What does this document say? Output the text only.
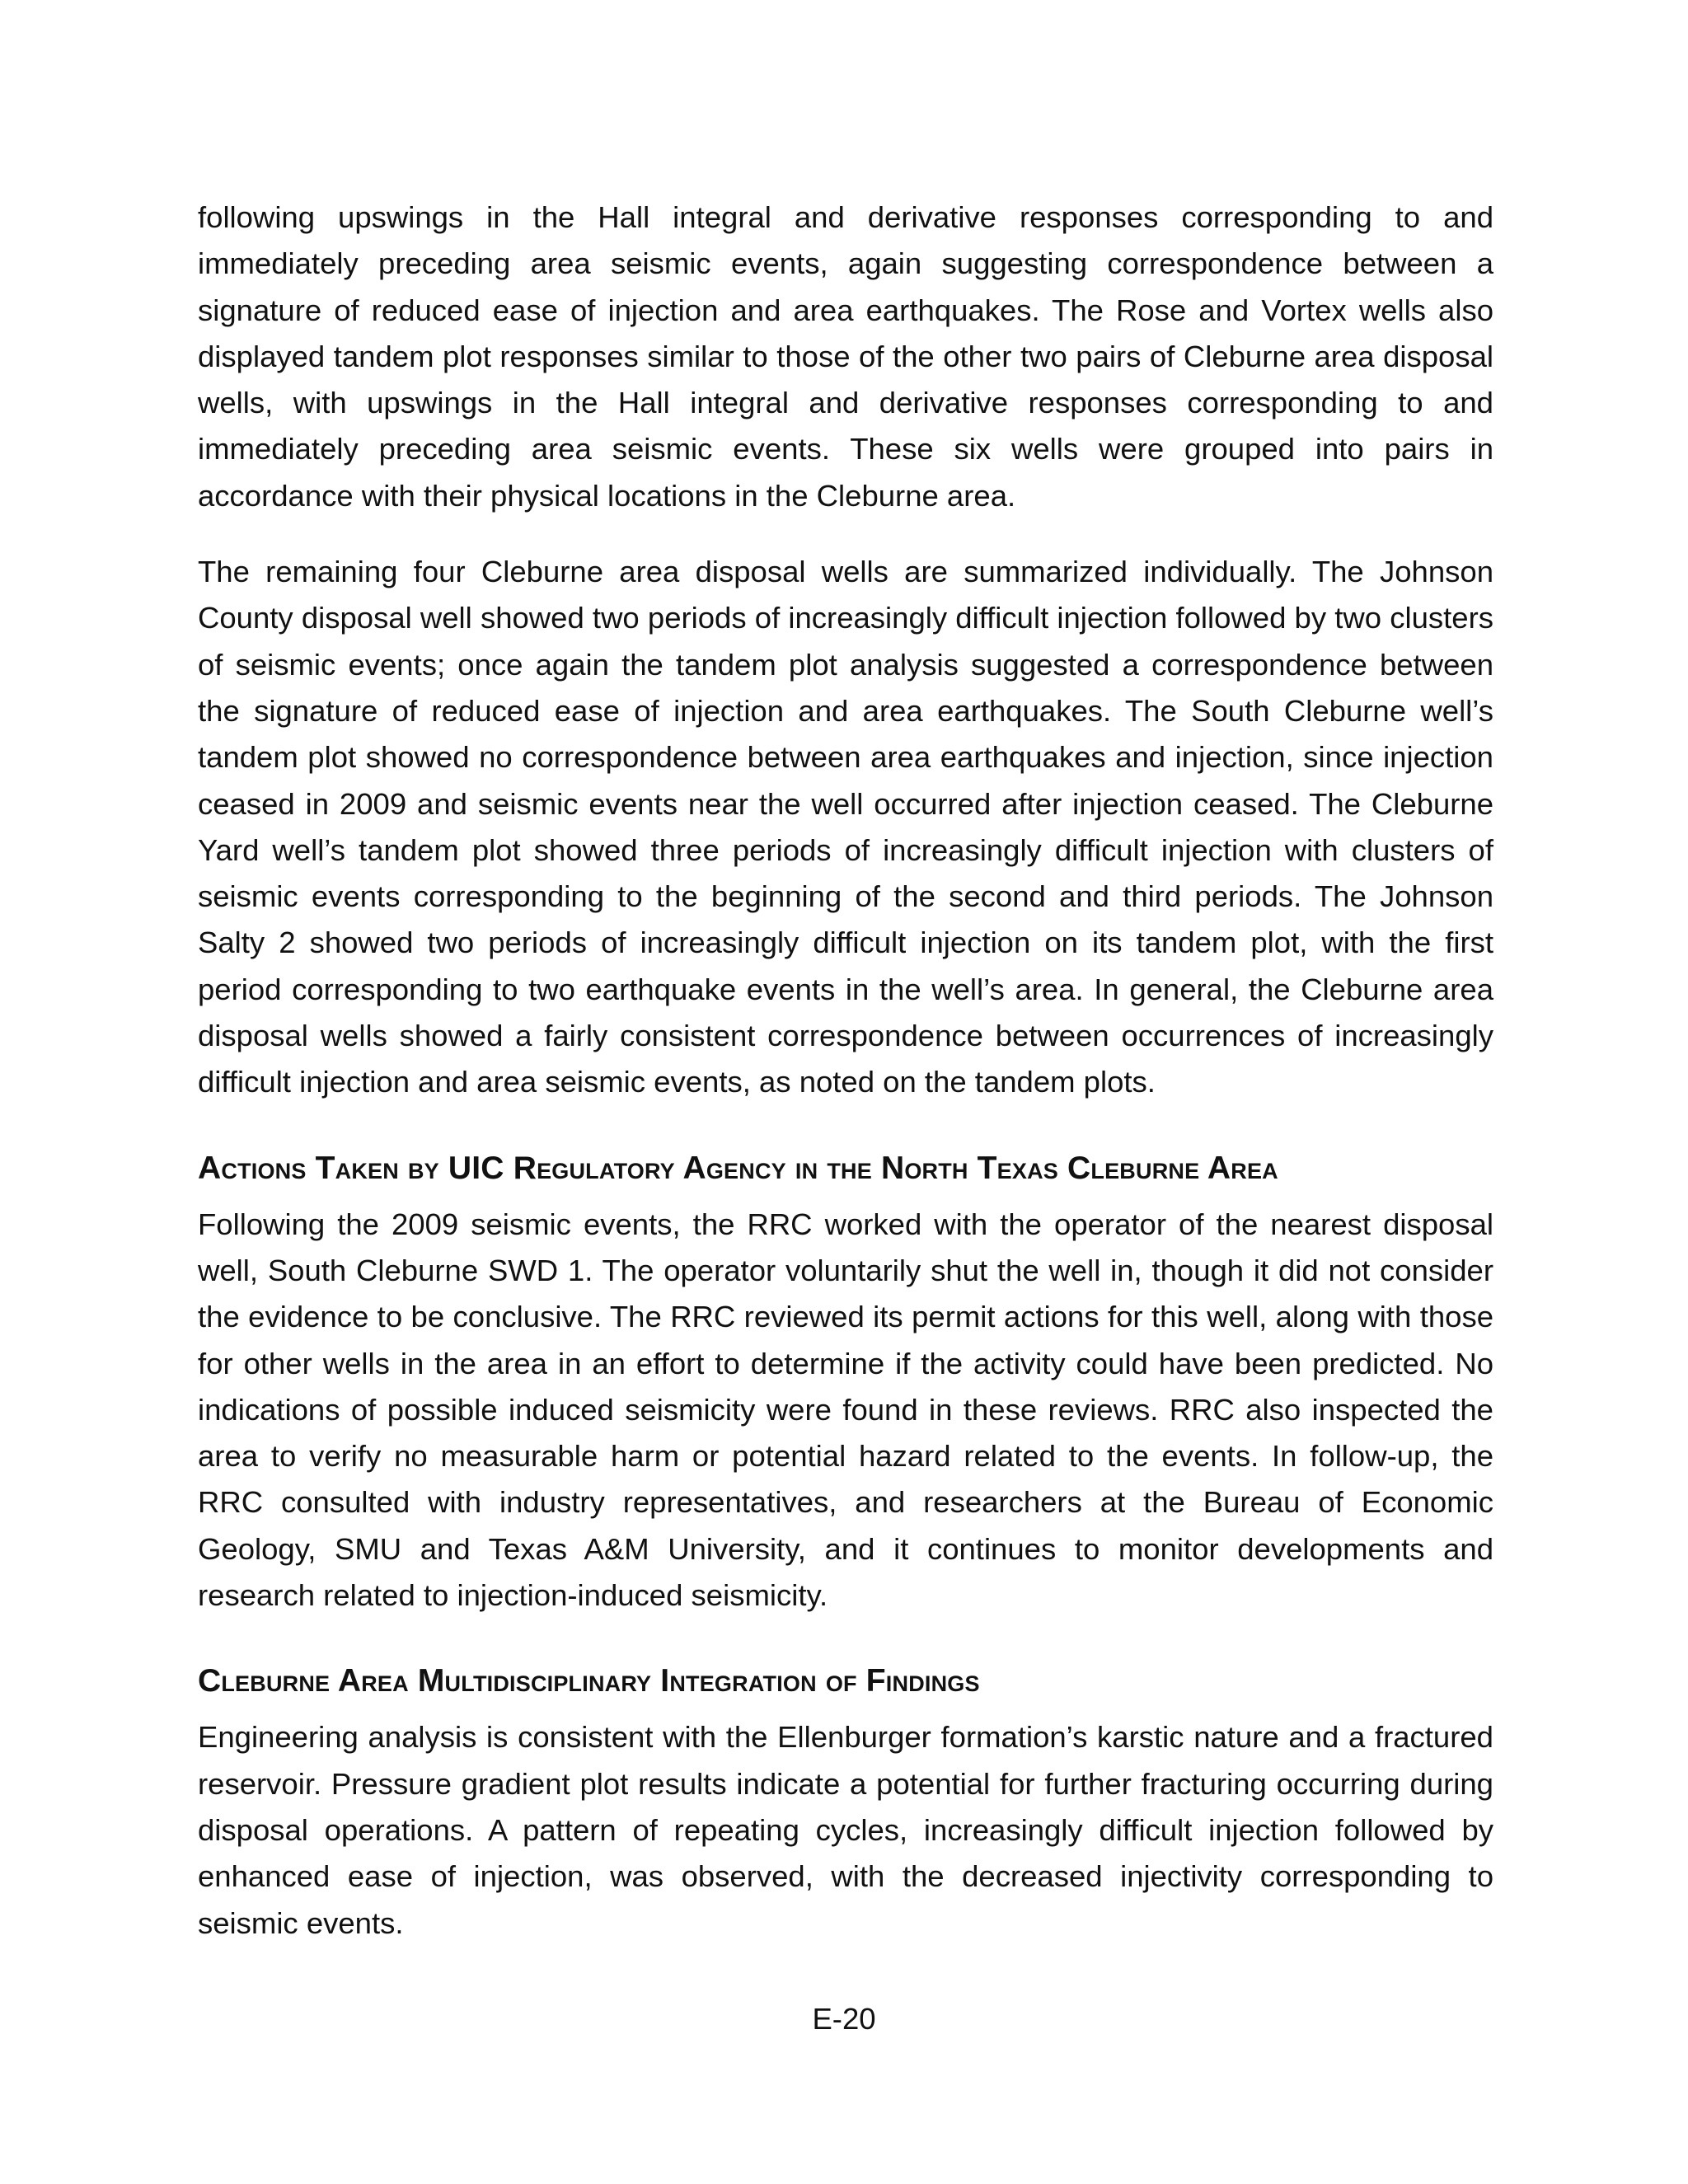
following upswings in the Hall integral and derivative responses corresponding to and immediately preceding area seismic events, again suggesting correspondence between a signature of reduced ease of injection and area earthquakes. The Rose and Vortex wells also displayed tandem plot responses similar to those of the other two pairs of Cleburne area disposal wells, with upswings in the Hall integral and derivative responses corresponding to and immediately preceding area seismic events. These six wells were grouped into pairs in accordance with their physical locations in the Cleburne area.

The remaining four Cleburne area disposal wells are summarized individually. The Johnson County disposal well showed two periods of increasingly difficult injection followed by two clusters of seismic events; once again the tandem plot analysis suggested a correspondence between the signature of reduced ease of injection and area earthquakes. The South Cleburne well’s tandem plot showed no correspondence between area earthquakes and injection, since injection ceased in 2009 and seismic events near the well occurred after injection ceased. The Cleburne Yard well’s tandem plot showed three periods of increasingly difficult injection with clusters of seismic events corresponding to the beginning of the second and third periods. The Johnson Salty 2 showed two periods of increasingly difficult injection on its tandem plot, with the first period corresponding to two earthquake events in the well’s area. In general, the Cleburne area disposal wells showed a fairly consistent correspondence between occurrences of increasingly difficult injection and area seismic events, as noted on the tandem plots.

Actions Taken by UIC Regulatory Agency in the North Texas Cleburne Area

Following the 2009 seismic events, the RRC worked with the operator of the nearest disposal well, South Cleburne SWD 1. The operator voluntarily shut the well in, though it did not consider the evidence to be conclusive. The RRC reviewed its permit actions for this well, along with those for other wells in the area in an effort to determine if the activity could have been predicted. No indications of possible induced seismicity were found in these reviews. RRC also inspected the area to verify no measurable harm or potential hazard related to the events. In follow-up, the RRC consulted with industry representatives, and researchers at the Bureau of Economic Geology, SMU and Texas A&M University, and it continues to monitor developments and research related to injection-induced seismicity.

Cleburne Area Multidisciplinary Integration of Findings

Engineering analysis is consistent with the Ellenburger formation’s karstic nature and a fractured reservoir. Pressure gradient plot results indicate a potential for further fracturing occurring during disposal operations. A pattern of repeating cycles, increasingly difficult injection followed by enhanced ease of injection, was observed, with the decreased injectivity corresponding to seismic events.

E-20
